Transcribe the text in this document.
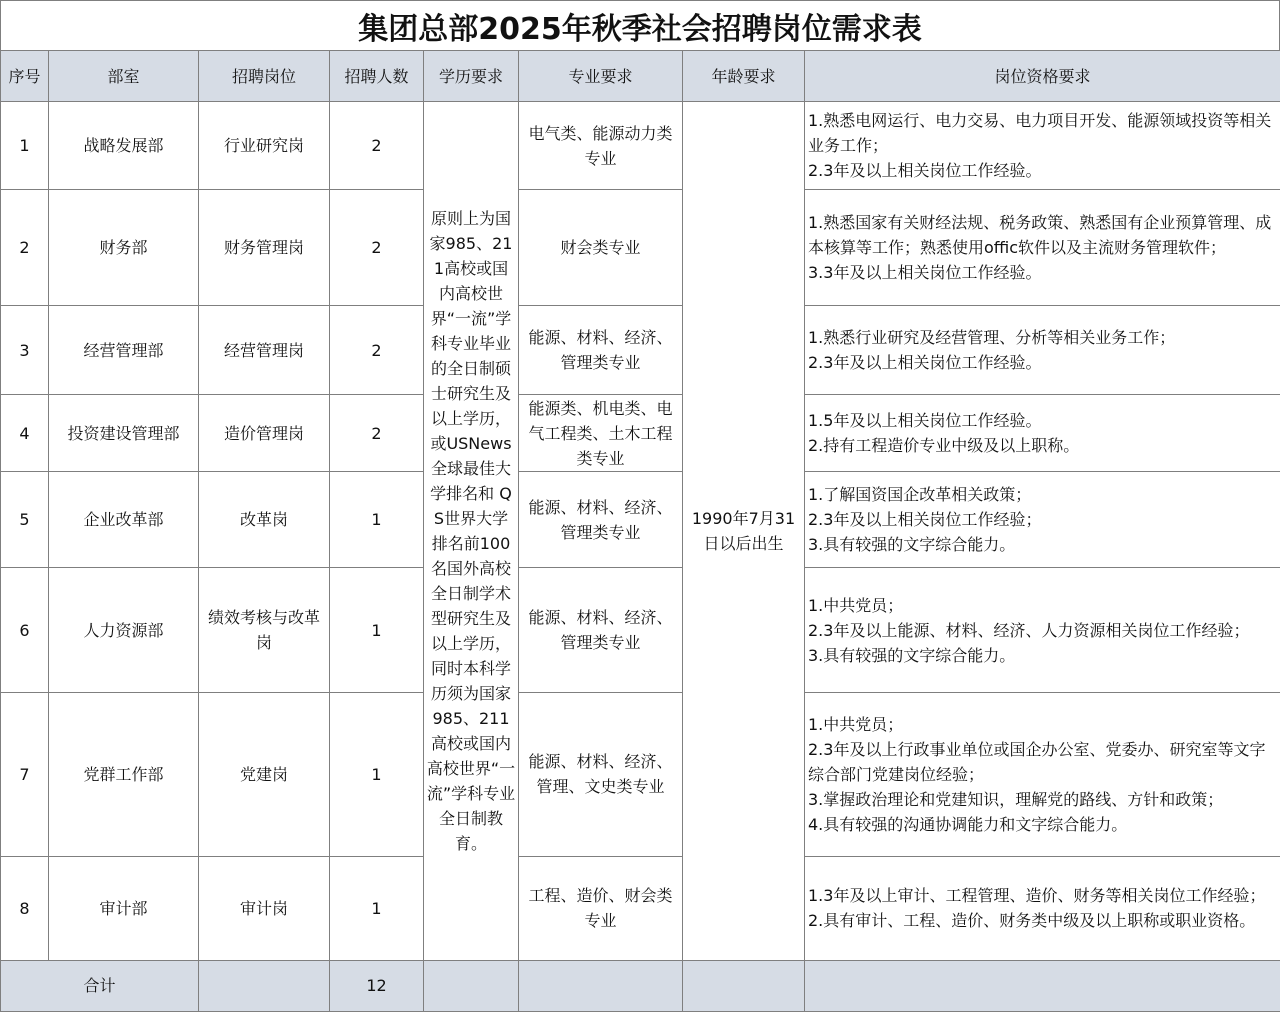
集团总部2025年秋季社会招聘岗位需求表
序号	部室	招聘岗位	招聘人数	学历要求	专业要求	年龄要求	岗位资格要求
1	战略发展部	行业研究岗	2	原则上为国家985、211高校或国内高校世界“一流”学科专业毕业的全日制硕士研究生及以上学历，或USNews全球最佳大学排名和 QS世界大学排名前100名国外高校全日制学术型研究生及以上学历，同时本科学历须为国家985、211高校或国内高校世界“一流”学科专业全日制教育。	电气类、能源动力类专业	1990年7月31日以后出生	1.熟悉电网运行、电力交易、电力项目开发、能源领域投资等相关业务工作；
2.3年及以上相关岗位工作经验。

2	财务部	财务管理岗	2		财会类专业		1.熟悉国家有关财经法规、税务政策、熟悉国有企业预算管理、成本核算等工作；熟悉使用offic软件以及主流财务管理软件；
3.3年及以上相关岗位工作经验。

3	经营管理部	经营管理岗	2		能源、材料、经济、管理类专业		1.熟悉行业研究及经营管理、分析等相关业务工作；
2.3年及以上相关岗位工作经验。

4	投资建设管理部	造价管理岗	2		能源类、机电类、电气工程类、土木工程类专业		1.5年及以上相关岗位工作经验。
2.持有工程造价专业中级及以上职称。

5	企业改革部	改革岗	1		能源、材料、经济、管理类专业		1.了解国资国企改革相关政策；
2.3年及以上相关岗位工作经验；
3.具有较强的文字综合能力。

6	人力资源部	绩效考核与改革岗	1		能源、材料、经济、管理类专业		1.中共党员；
2.3年及以上能源、材料、经济、人力资源相关岗位工作经验；
3.具有较强的文字综合能力。

7	党群工作部	党建岗	1		能源、材料、经济、管理、文史类专业		1.中共党员；
2.3年及以上行政事业单位或国企办公室、党委办、研究室等文字综合部门党建岗位经验；
3.掌握政治理论和党建知识，理解党的路线、方针和政策；
4.具有较强的沟通协调能力和文字综合能力。

8	审计部	审计岗	1		工程、造价、财会类专业		1.3年及以上审计、工程管理、造价、财务等相关岗位工作经验；
2.具有审计、工程、造价、财务类中级及以上职称或职业资格。

合计			12				
